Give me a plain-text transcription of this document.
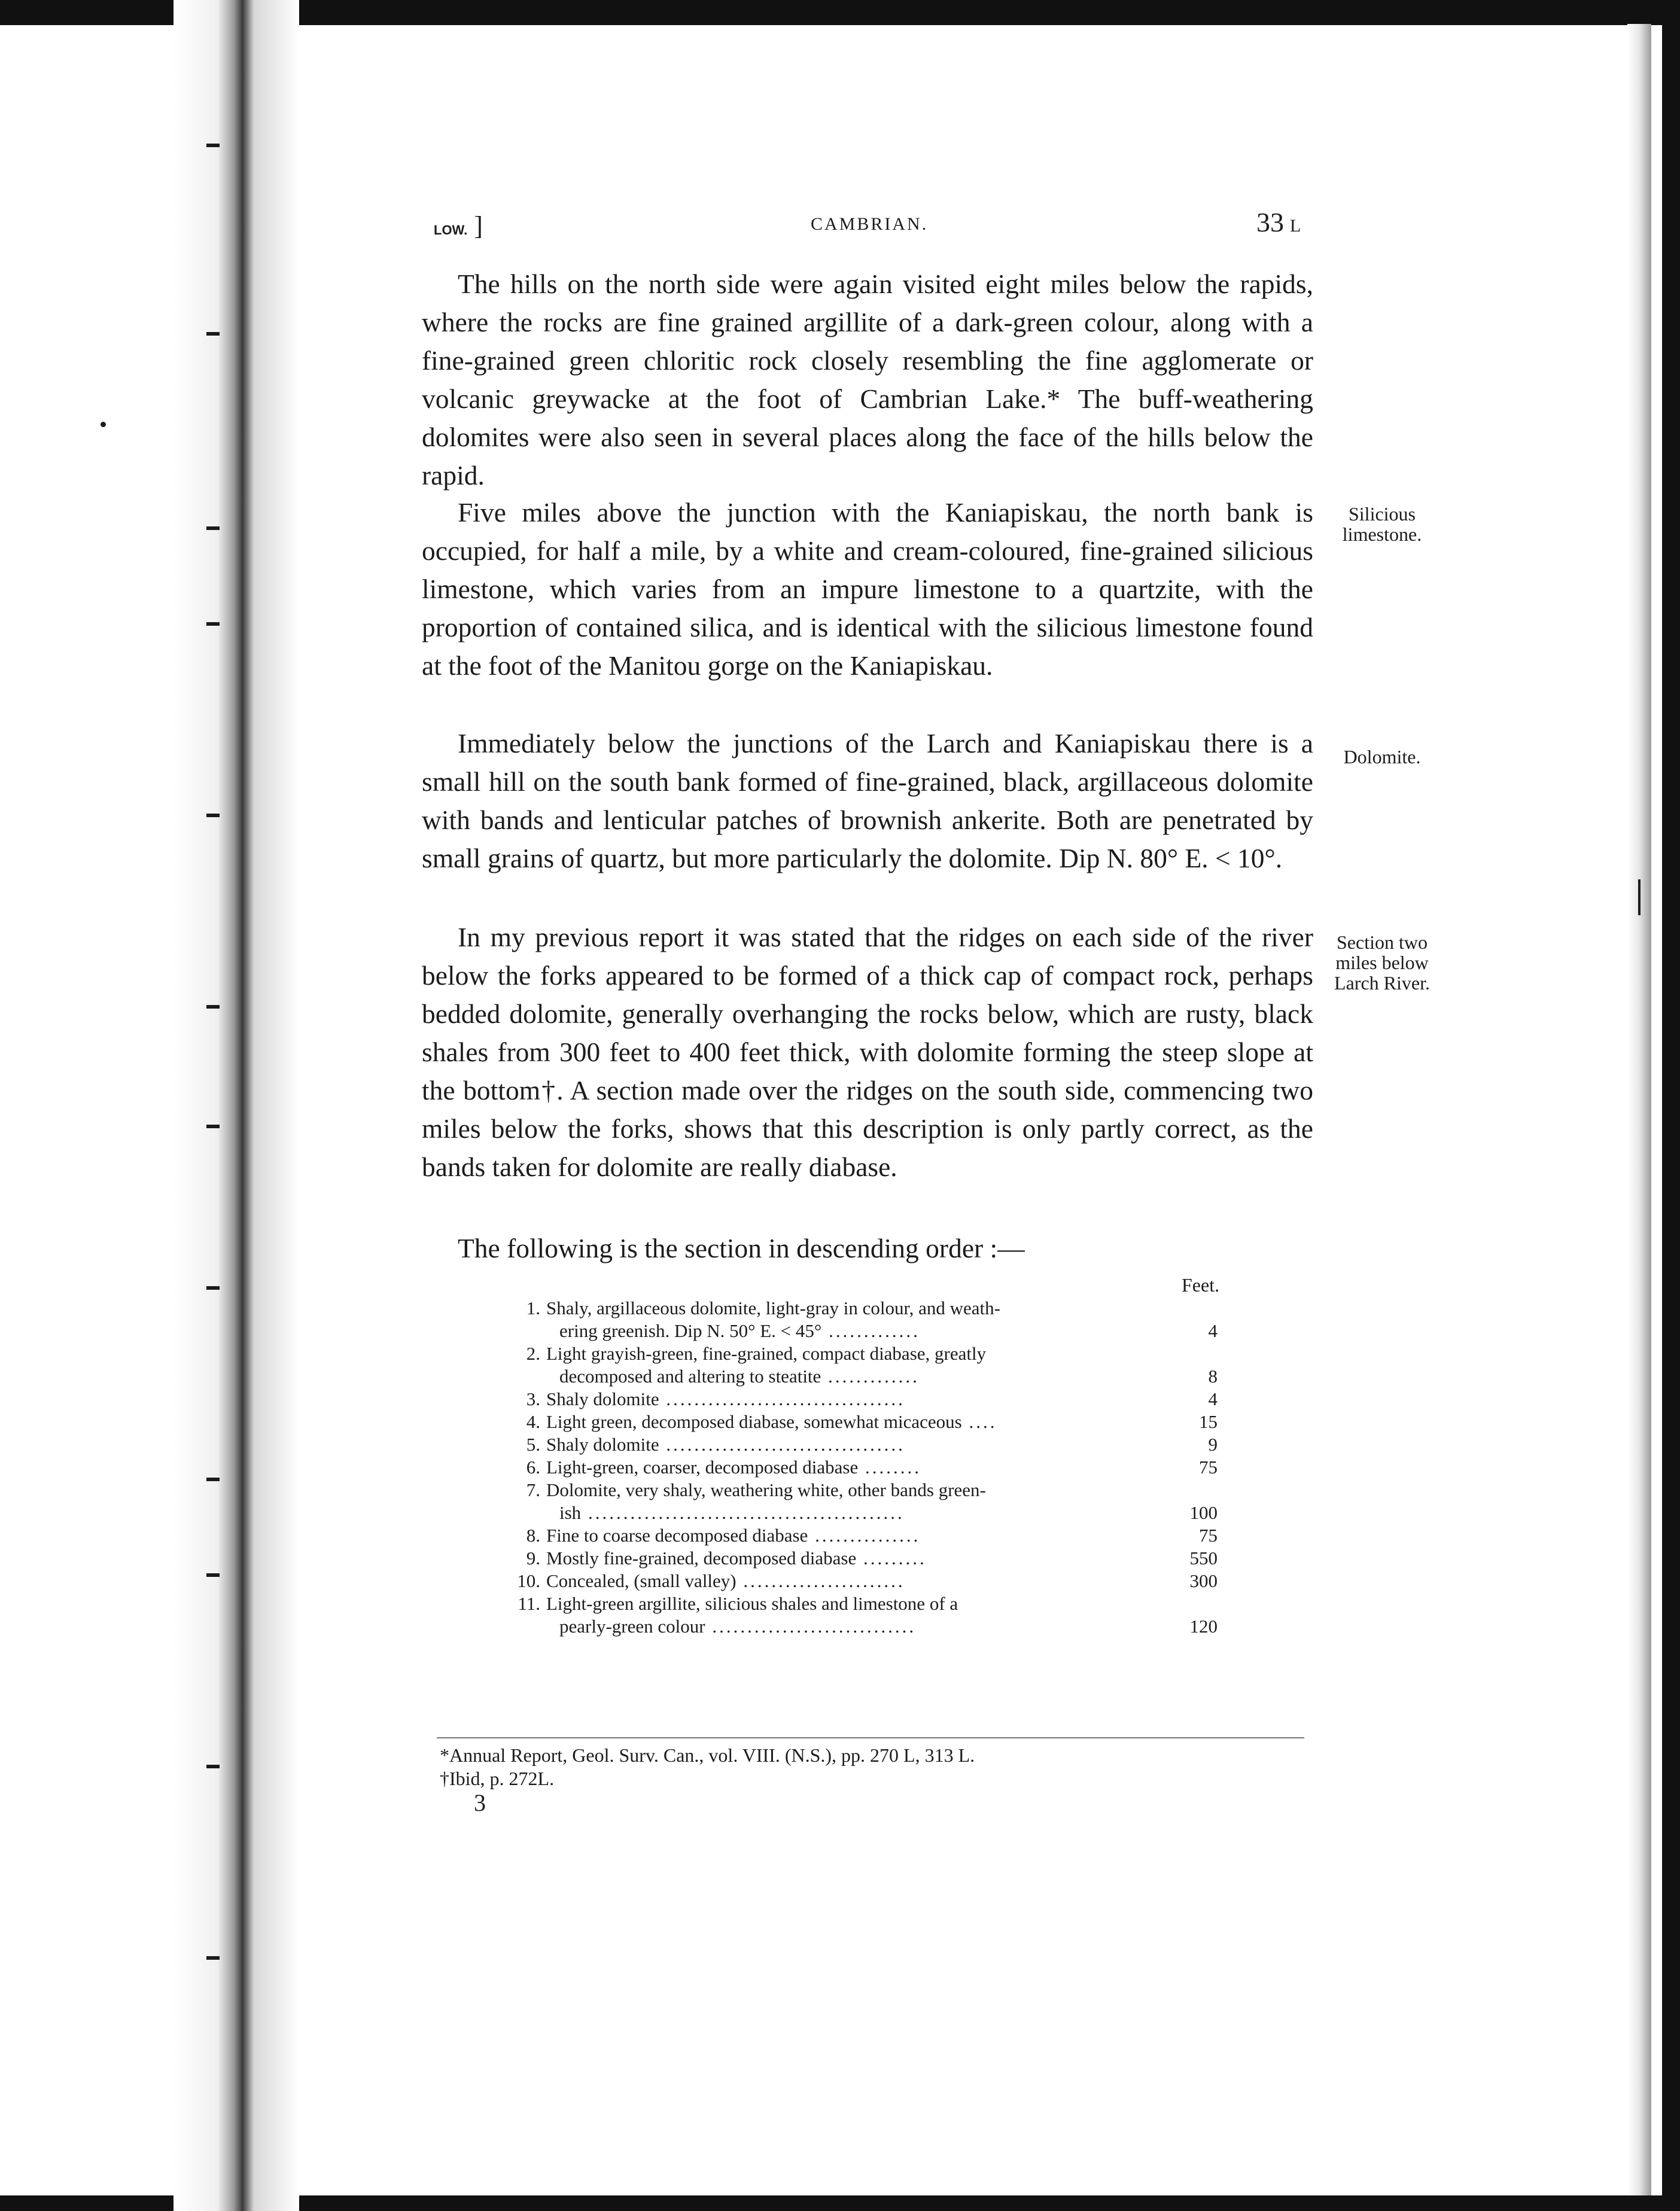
LOW. ]	CAMBRIAN.	33 L

The hills on the north side were again visited eight miles below the rapids, where the rocks are fine grained argillite of a dark-green colour, along with a fine-grained green chloritic rock closely resembling the fine agglomerate or volcanic greywacke at the foot of Cambrian Lake.* The buff-weathering dolomites were also seen in several places along the face of the hills below the rapid.

Five miles above the junction with the Kaniapiskau, the north bank is occupied, for half a mile, by a white and cream-coloured, fine-grained silicious limestone, which varies from an impure limestone to a quartzite, with the proportion of contained silica, and is identical with the silicious limestone found at the foot of the Manitou gorge on the Kaniapiskau.

Immediately below the junctions of the Larch and Kaniapiskau there is a small hill on the south bank formed of fine-grained, black, argillaceous dolomite with bands and lenticular patches of brownish ankerite. Both are penetrated by small grains of quartz, but more particularly the dolomite. Dip N. 80° E. < 10°.

In my previous report it was stated that the ridges on each side of the river below the forks appeared to be formed of a thick cap of compact rock, perhaps bedded dolomite, generally overhanging the rocks below, which are rusty, black shales from 300 feet to 400 feet thick, with dolomite forming the steep slope at the bottom†. A section made over the ridges on the south side, commencing two miles below the forks, shows that this description is only partly correct, as the bands taken for dolomite are really diabase.

The following is the section in descending order :—

Silicious limestone.
Dolomite.
Section two miles below Larch River.
Feet.
1. Shaly, argillaceous dolomite, light-gray in colour, and weath-
ering greenish. Dip N. 50° E. < 45° .............	4
2. Light grayish-green, fine-grained, compact diabase, greatly
decomposed and altering to steatite .............	8
3. Shaly dolomite ..................................	4
4. Light green, decomposed diabase, somewhat micaceous ....	15
5. Shaly dolomite ..................................	9
6. Light-green, coarser, decomposed diabase ........	75
7. Dolomite, very shaly, weathering white, other bands green-
ish .............................................	100
8. Fine to coarse decomposed diabase ...............	75
9. Mostly fine-grained, decomposed diabase .........	550
10. Concealed, (small valley) .......................	300
11. Light-green argillite, silicious shales and limestone of a
pearly-green colour .............................	120
*Annual Report, Geol. Surv. Can., vol. VIII. (N.S.), pp. 270 L, 313 L.
†Ibid, p. 272L.
3
